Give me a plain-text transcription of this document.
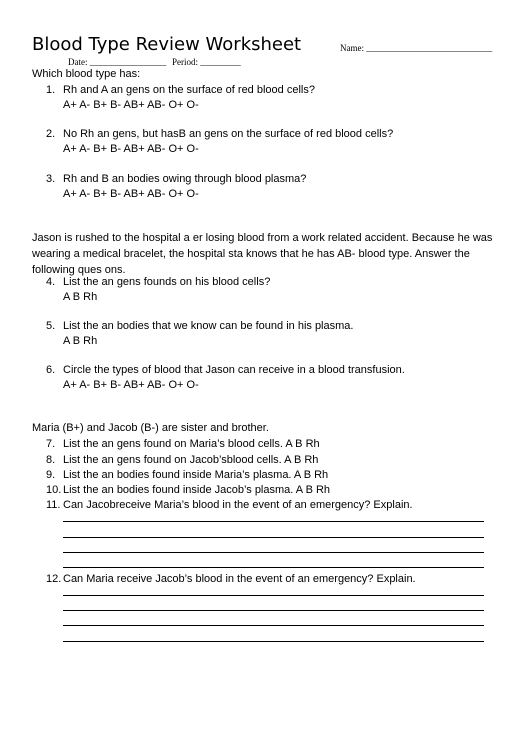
Blood Type Review Worksheet	Name: ____________________________
Date: _________________ Period: _________
Which blood type has:
1. Rh and A an gens on the surface of red blood cells?
A+ A- B+ B- AB+ AB- O+ O-
2. No Rh an gens, but hasB an gens on the surface of red blood cells?
A+ A- B+ B- AB+ AB- O+ O-
3. Rh and B an bodies owing through blood plasma?
A+ A- B+ B- AB+ AB- O+ O-
Jason is rushed to the hospital a er losing blood from a work related accident. Because he was wearing a medical bracelet, the hospital sta knows that he has AB- blood type. Answer the following ques ons.
4. List the an gens founds on his blood cells?
A B Rh
5. List the an bodies that we know can be found in his plasma.
A B Rh
6. Circle the types of blood that Jason can receive in a blood transfusion.
A+ A- B+ B- AB+ AB- O+ O-
Maria (B+) and Jacob (B-) are sister and brother.
7. List the an gens found on Maria’s blood cells. A B Rh
8. List the an gens found on Jacob’sblood cells. A B Rh
9. List the an bodies found inside Maria’s plasma. A B Rh
10. List the an bodies found inside Jacob’s plasma. A B Rh
11. Can Jacobreceive Maria’s blood in the event of an emergency? Explain.
12. Can Maria receive Jacob’s blood in the event of an emergency? Explain.
